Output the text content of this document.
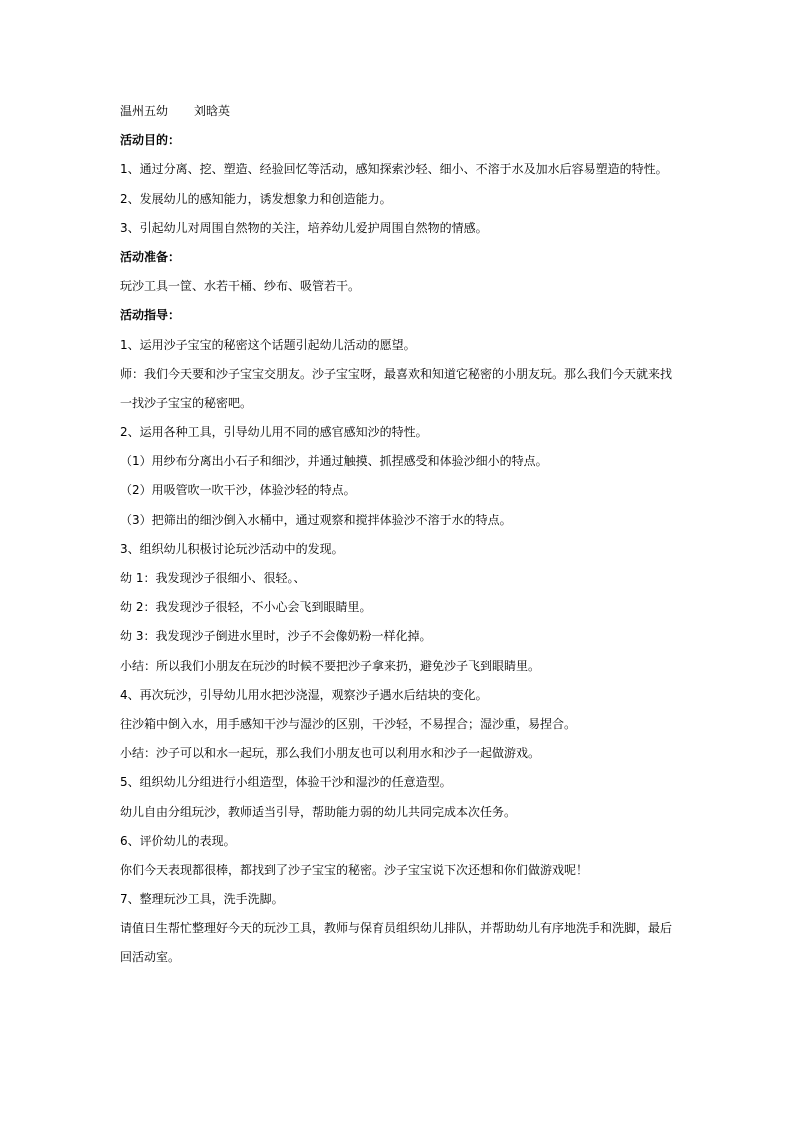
温州五幼 刘晗英
活动目的：
1、通过分离、挖、塑造、经验回忆等活动，感知探索沙轻、细小、不溶于水及加水后容易塑造的特性。
2、发展幼儿的感知能力，诱发想象力和创造能力。
3、引起幼儿对周围自然物的关注，培养幼儿爱护周围自然物的情感。
活动准备：
玩沙工具一筐、水若干桶、纱布、吸管若干。
活动指导：
1、运用沙子宝宝的秘密这个话题引起幼儿活动的愿望。
师：我们今天要和沙子宝宝交朋友。沙子宝宝呀，最喜欢和知道它秘密的小朋友玩。那么我们今天就来找
一找沙子宝宝的秘密吧。
2、运用各种工具，引导幼儿用不同的感官感知沙的特性。
（1）用纱布分离出小石子和细沙，并通过触摸、抓捏感受和体验沙细小的特点。
（2）用吸管吹一吹干沙，体验沙轻的特点。
（3）把筛出的细沙倒入水桶中，通过观察和搅拌体验沙不溶于水的特点。
3、组织幼儿积极讨论玩沙活动中的发现。
幼 1：我发现沙子很细小、很轻。、
幼 2：我发现沙子很轻，不小心会飞到眼睛里。
幼 3：我发现沙子倒进水里时，沙子不会像奶粉一样化掉。
小结：所以我们小朋友在玩沙的时候不要把沙子拿来扔，避免沙子飞到眼睛里。
4、再次玩沙，引导幼儿用水把沙浇湿，观察沙子遇水后结块的变化。
往沙箱中倒入水，用手感知干沙与湿沙的区别，干沙轻，不易捏合；湿沙重，易捏合。
小结：沙子可以和水一起玩，那么我们小朋友也可以利用水和沙子一起做游戏。
5、组织幼儿分组进行小组造型，体验干沙和湿沙的任意造型。
幼儿自由分组玩沙，教师适当引导，帮助能力弱的幼儿共同完成本次任务。
6、评价幼儿的表现。
你们今天表现都很棒，都找到了沙子宝宝的秘密。沙子宝宝说下次还想和你们做游戏呢！
7、整理玩沙工具，洗手洗脚。
请值日生帮忙整理好今天的玩沙工具，教师与保育员组织幼儿排队，并帮助幼儿有序地洗手和洗脚，最后
回活动室。
